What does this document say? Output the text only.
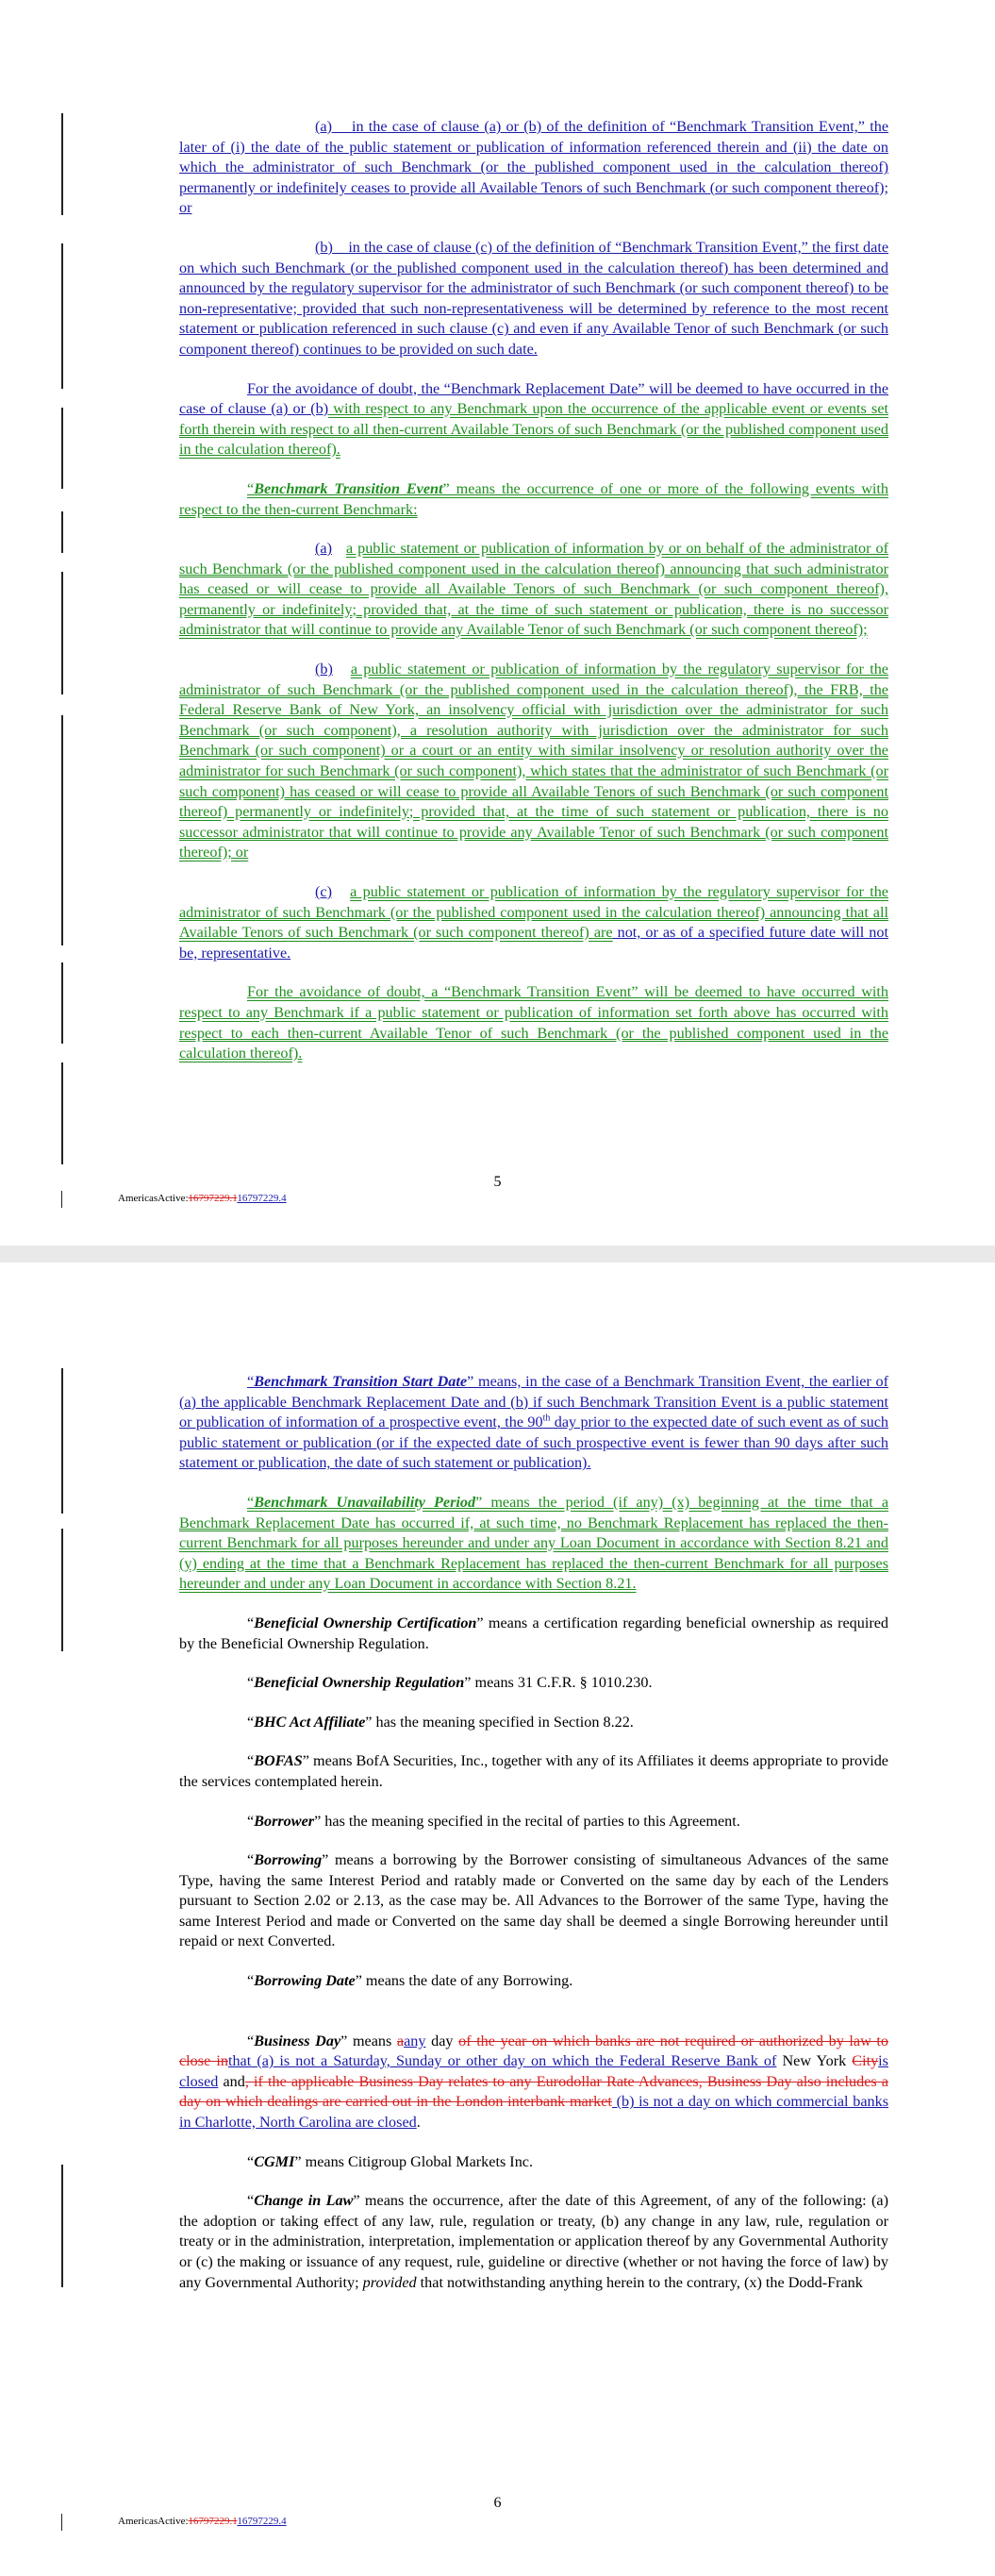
(a) in the case of clause (a) or (b) of the definition of “Benchmark Transition Event,” the later of (i) the date of the public statement or publication of information referenced therein and (ii) the date on which the administrator of such Benchmark (or the published component used in the calculation thereof) permanently or indefinitely ceases to provide all Available Tenors of such Benchmark (or such component thereof); or

(b) in the case of clause (c) of the definition of “Benchmark Transition Event,” the first date on which such Benchmark (or the published component used in the calculation thereof) has been determined and announced by the regulatory supervisor for the administrator of such Benchmark (or such component thereof) to be non-representative; provided that such non-representativeness will be determined by reference to the most recent statement or publication referenced in such clause (c) and even if any Available Tenor of such Benchmark (or such component thereof) continues to be provided on such date.

For the avoidance of doubt, the “Benchmark Replacement Date” will be deemed to have occurred in the case of clause (a) or (b) with respect to any Benchmark upon the occurrence of the applicable event or events set forth therein with respect to all then-current Available Tenors of such Benchmark (or the published component used in the calculation thereof).

“Benchmark Transition Event” means the occurrence of one or more of the following events with respect to the then-current Benchmark:

(a) a public statement or publication of information by or on behalf of the administrator of such Benchmark (or the published component used in the calculation thereof) announcing that such administrator has ceased or will cease to provide all Available Tenors of such Benchmark (or such component thereof), permanently or indefinitely; provided that, at the time of such statement or publication, there is no successor administrator that will continue to provide any Available Tenor of such Benchmark (or such component thereof);

(b) a public statement or publication of information by the regulatory supervisor for the administrator of such Benchmark (or the published component used in the calculation thereof), the FRB, the Federal Reserve Bank of New York, an insolvency official with jurisdiction over the administrator for such Benchmark (or such component), a resolution authority with jurisdiction over the administrator for such Benchmark (or such component) or a court or an entity with similar insolvency or resolution authority over the administrator for such Benchmark (or such component), which states that the administrator of such Benchmark (or such component) has ceased or will cease to provide all Available Tenors of such Benchmark (or such component thereof) permanently or indefinitely; provided that, at the time of such statement or publication, there is no successor administrator that will continue to provide any Available Tenor of such Benchmark (or such component thereof); or

(c) a public statement or publication of information by the regulatory supervisor for the administrator of such Benchmark (or the published component used in the calculation thereof) announcing that all Available Tenors of such Benchmark (or such component thereof) are not, or as of a specified future date will not be, representative.

For the avoidance of doubt, a “Benchmark Transition Event” will be deemed to have occurred with respect to any Benchmark if a public statement or publication of information set forth above has occurred with respect to each then-current Available Tenor of such Benchmark (or the published component used in the calculation thereof).

5
AmericasActive:16797229.116797229.4

“Benchmark Transition Start Date” means, in the case of a Benchmark Transition Event, the earlier of (a) the applicable Benchmark Replacement Date and (b) if such Benchmark Transition Event is a public statement or publication of information of a prospective event, the 90th day prior to the expected date of such event as of such public statement or publication (or if the expected date of such prospective event is fewer than 90 days after such statement or publication, the date of such statement or publication).

“Benchmark Unavailability Period” means the period (if any) (x) beginning at the time that a Benchmark Replacement Date has occurred if, at such time, no Benchmark Replacement has replaced the then-current Benchmark for all purposes hereunder and under any Loan Document in accordance with Section 8.21 and (y) ending at the time that a Benchmark Replacement has replaced the then-current Benchmark for all purposes hereunder and under any Loan Document in accordance with Section 8.21.

“Beneficial Ownership Certification” means a certification regarding beneficial ownership as required by the Beneficial Ownership Regulation.

“Beneficial Ownership Regulation” means 31 C.F.R. § 1010.230.

“BHC Act Affiliate” has the meaning specified in Section 8.22.

“BOFAS” means BofA Securities, Inc., together with any of its Affiliates it deems appropriate to provide the services contemplated herein.

“Borrower” has the meaning specified in the recital of parties to this Agreement.

“Borrowing” means a borrowing by the Borrower consisting of simultaneous Advances of the same Type, having the same Interest Period and ratably made or Converted on the same day by each of the Lenders pursuant to Section 2.02 or 2.13, as the case may be. All Advances to the Borrower of the same Type, having the same Interest Period and made or Converted on the same day shall be deemed a single Borrowing hereunder until repaid or next Converted.

“Borrowing Date” means the date of any Borrowing.

“Business Day” means aany day of the year on which banks are not required or authorized by law to close inthat (a) is not a Saturday, Sunday or other day on which the Federal Reserve Bank of New York Cityis closed and, if the applicable Business Day relates to any Eurodollar Rate Advances, Business Day also includes a day on which dealings are carried out in the London interbank market (b) is not a day on which commercial banks in Charlotte, North Carolina are closed.

“CGMI” means Citigroup Global Markets Inc.

“Change in Law” means the occurrence, after the date of this Agreement, of any of the following: (a) the adoption or taking effect of any law, rule, regulation or treaty, (b) any change in any law, rule, regulation or treaty or in the administration, interpretation, implementation or application thereof by any Governmental Authority or (c) the making or issuance of any request, rule, guideline or directive (whether or not having the force of law) by any Governmental Authority; provided that notwithstanding anything herein to the contrary, (x) the Dodd-Frank

6
AmericasActive:16797229.116797229.4
